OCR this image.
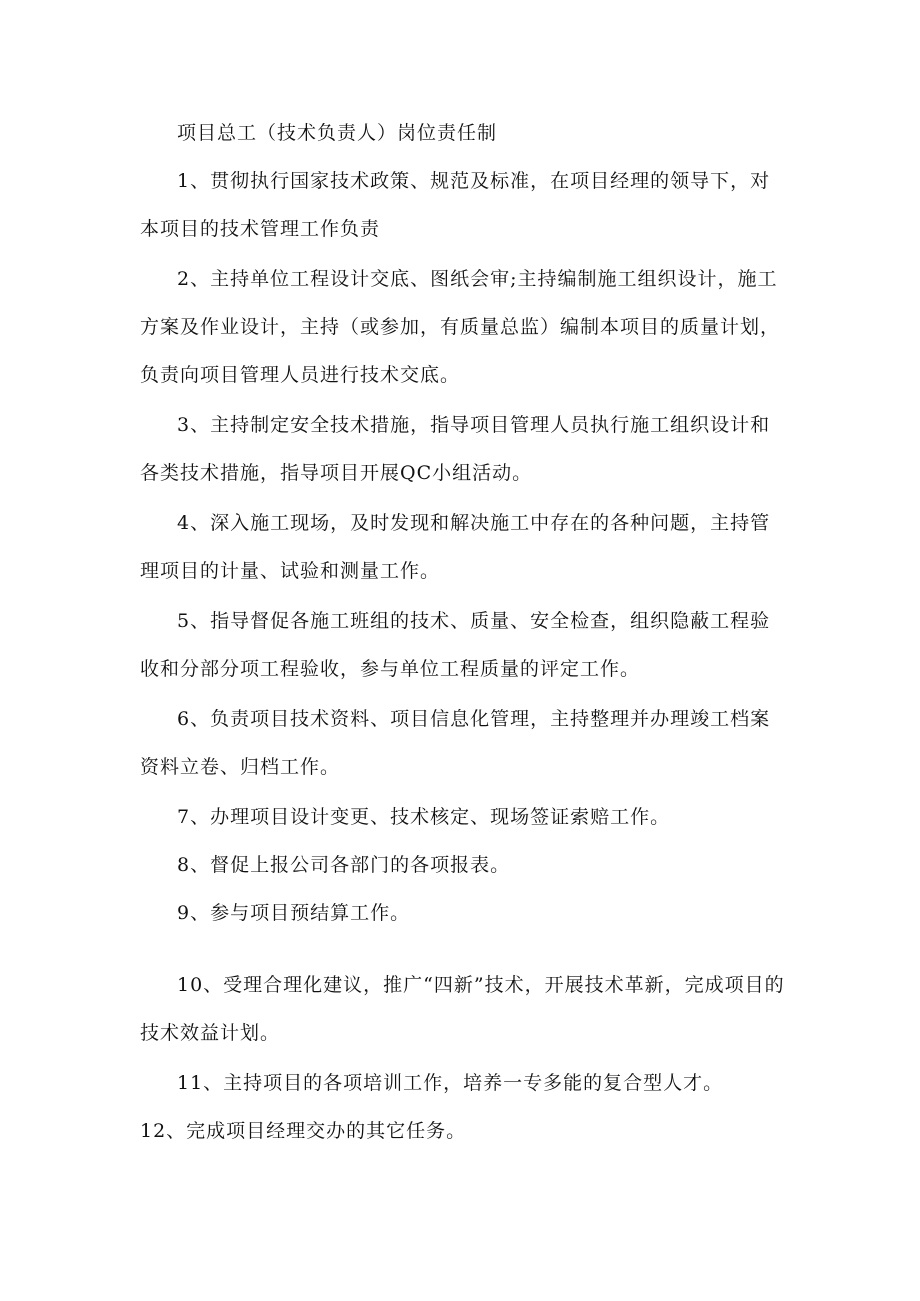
项目总工（技术负责人）岗位责任制
1、贯彻执行国家技术政策、规范及标准，在项目经理的领导下，对本项目的技术管理工作负责
2、主持单位工程设计交底、图纸会审;主持编制施工组织设计，施工方案及作业设计，主持（或参加，有质量总监）编制本项目的质量计划，负责向项目管理人员进行技术交底。
3、主持制定安全技术措施，指导项目管理人员执行施工组织设计和各类技术措施，指导项目开展QC小组活动。
4、深入施工现场，及时发现和解决施工中存在的各种问题，主持管理项目的计量、试验和测量工作。
5、指导督促各施工班组的技术、质量、安全检查，组织隐蔽工程验收和分部分项工程验收，参与单位工程质量的评定工作。
6、负责项目技术资料、项目信息化管理，主持整理并办理竣工档案资料立卷、归档工作。
7、办理项目设计变更、技术核定、现场签证索赔工作。
8、督促上报公司各部门的各项报表。
9、参与项目预结算工作。
10、受理合理化建议，推广“四新”技术，开展技术革新，完成项目的技术效益计划。
11、主持项目的各项培训工作，培养一专多能的复合型人才。
12、完成项目经理交办的其它任务。
